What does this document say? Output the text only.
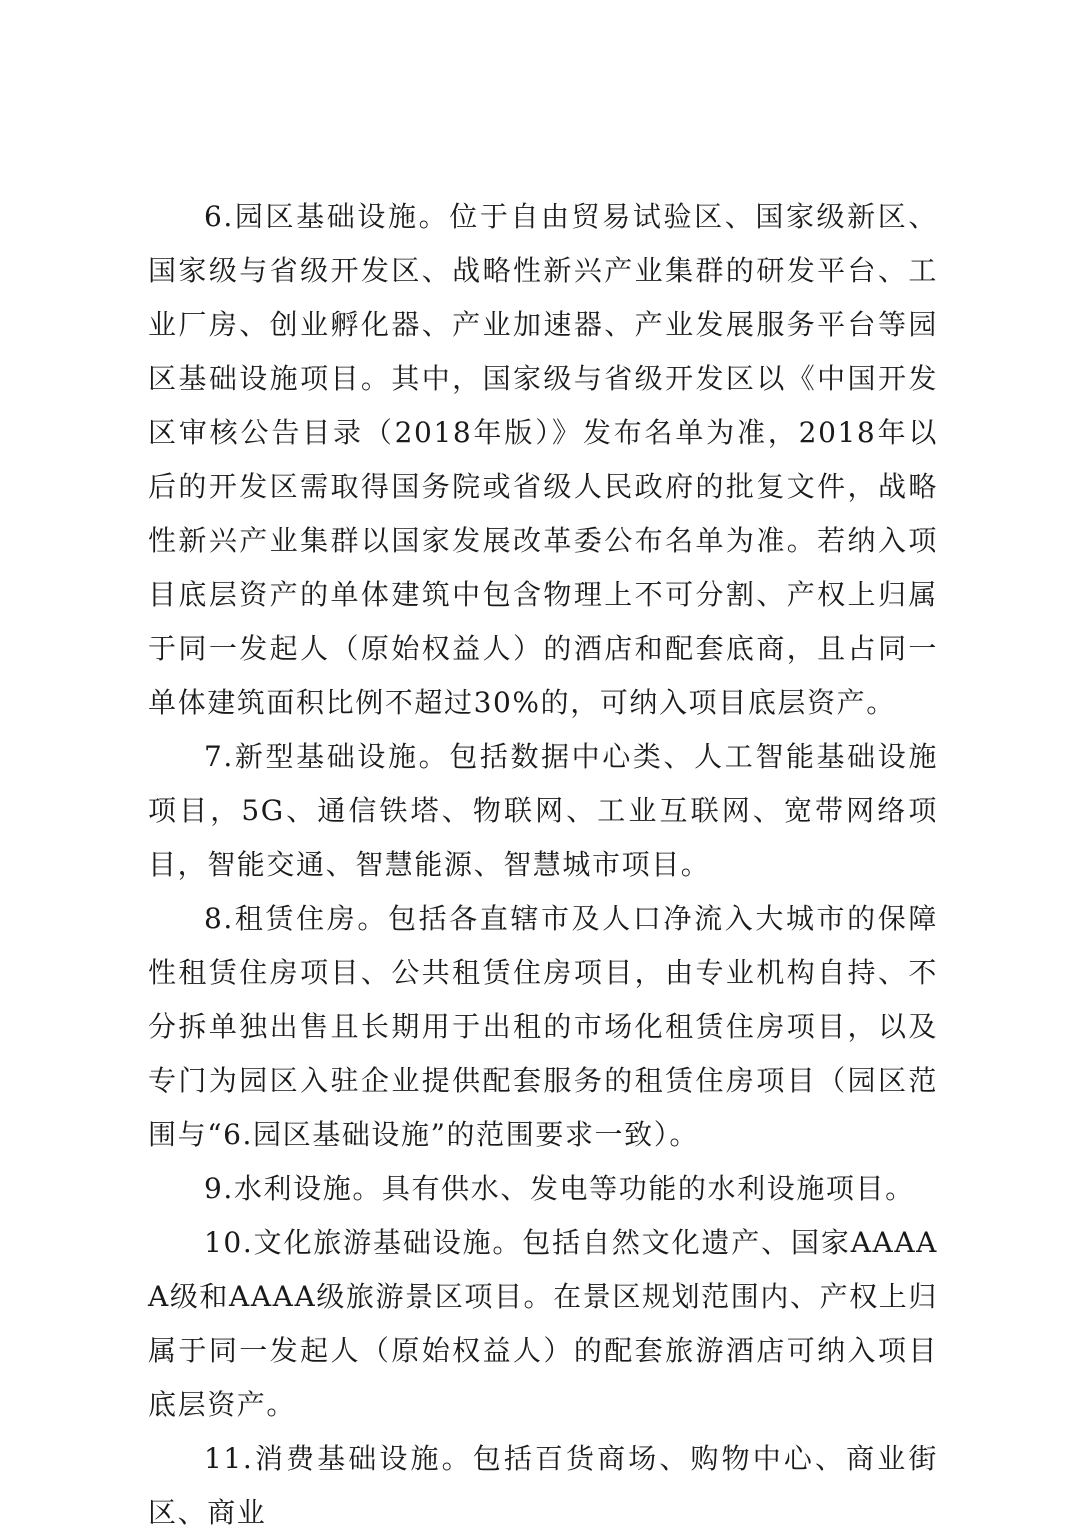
6.园区基础设施。位于自由贸易试验区、国家级新区、国家级与省级开发区、战略性新兴产业集群的研发平台、工业厂房、创业孵化器、产业加速器、产业发展服务平台等园区基础设施项目。其中，国家级与省级开发区以《中国开发区审核公告目录（2018年版）》发布名单为准，2018年以后的开发区需取得国务院或省级人民政府的批复文件，战略性新兴产业集群以国家发展改革委公布名单为准。若纳入项目底层资产的单体建筑中包含物理上不可分割、产权上归属于同一发起人（原始权益人）的酒店和配套底商，且占同一单体建筑面积比例不超过30%的，可纳入项目底层资产。

7.新型基础设施。包括数据中心类、人工智能基础设施项目，5G、通信铁塔、物联网、工业互联网、宽带网络项目，智能交通、智慧能源、智慧城市项目。

8.租赁住房。包括各直辖市及人口净流入大城市的保障性租赁住房项目、公共租赁住房项目，由专业机构自持、不分拆单独出售且长期用于出租的市场化租赁住房项目，以及专门为园区入驻企业提供配套服务的租赁住房项目（园区范围与“6.园区基础设施”的范围要求一致）。

9.水利设施。具有供水、发电等功能的水利设施项目。

10.文化旅游基础设施。包括自然文化遗产、国家AAAAA级和AAAA级旅游景区项目。在景区规划范围内、产权上归属于同一发起人（原始权益人）的配套旅游酒店可纳入项目底层资产。

11.消费基础设施。包括百货商场、购物中心、商业街区、商业
